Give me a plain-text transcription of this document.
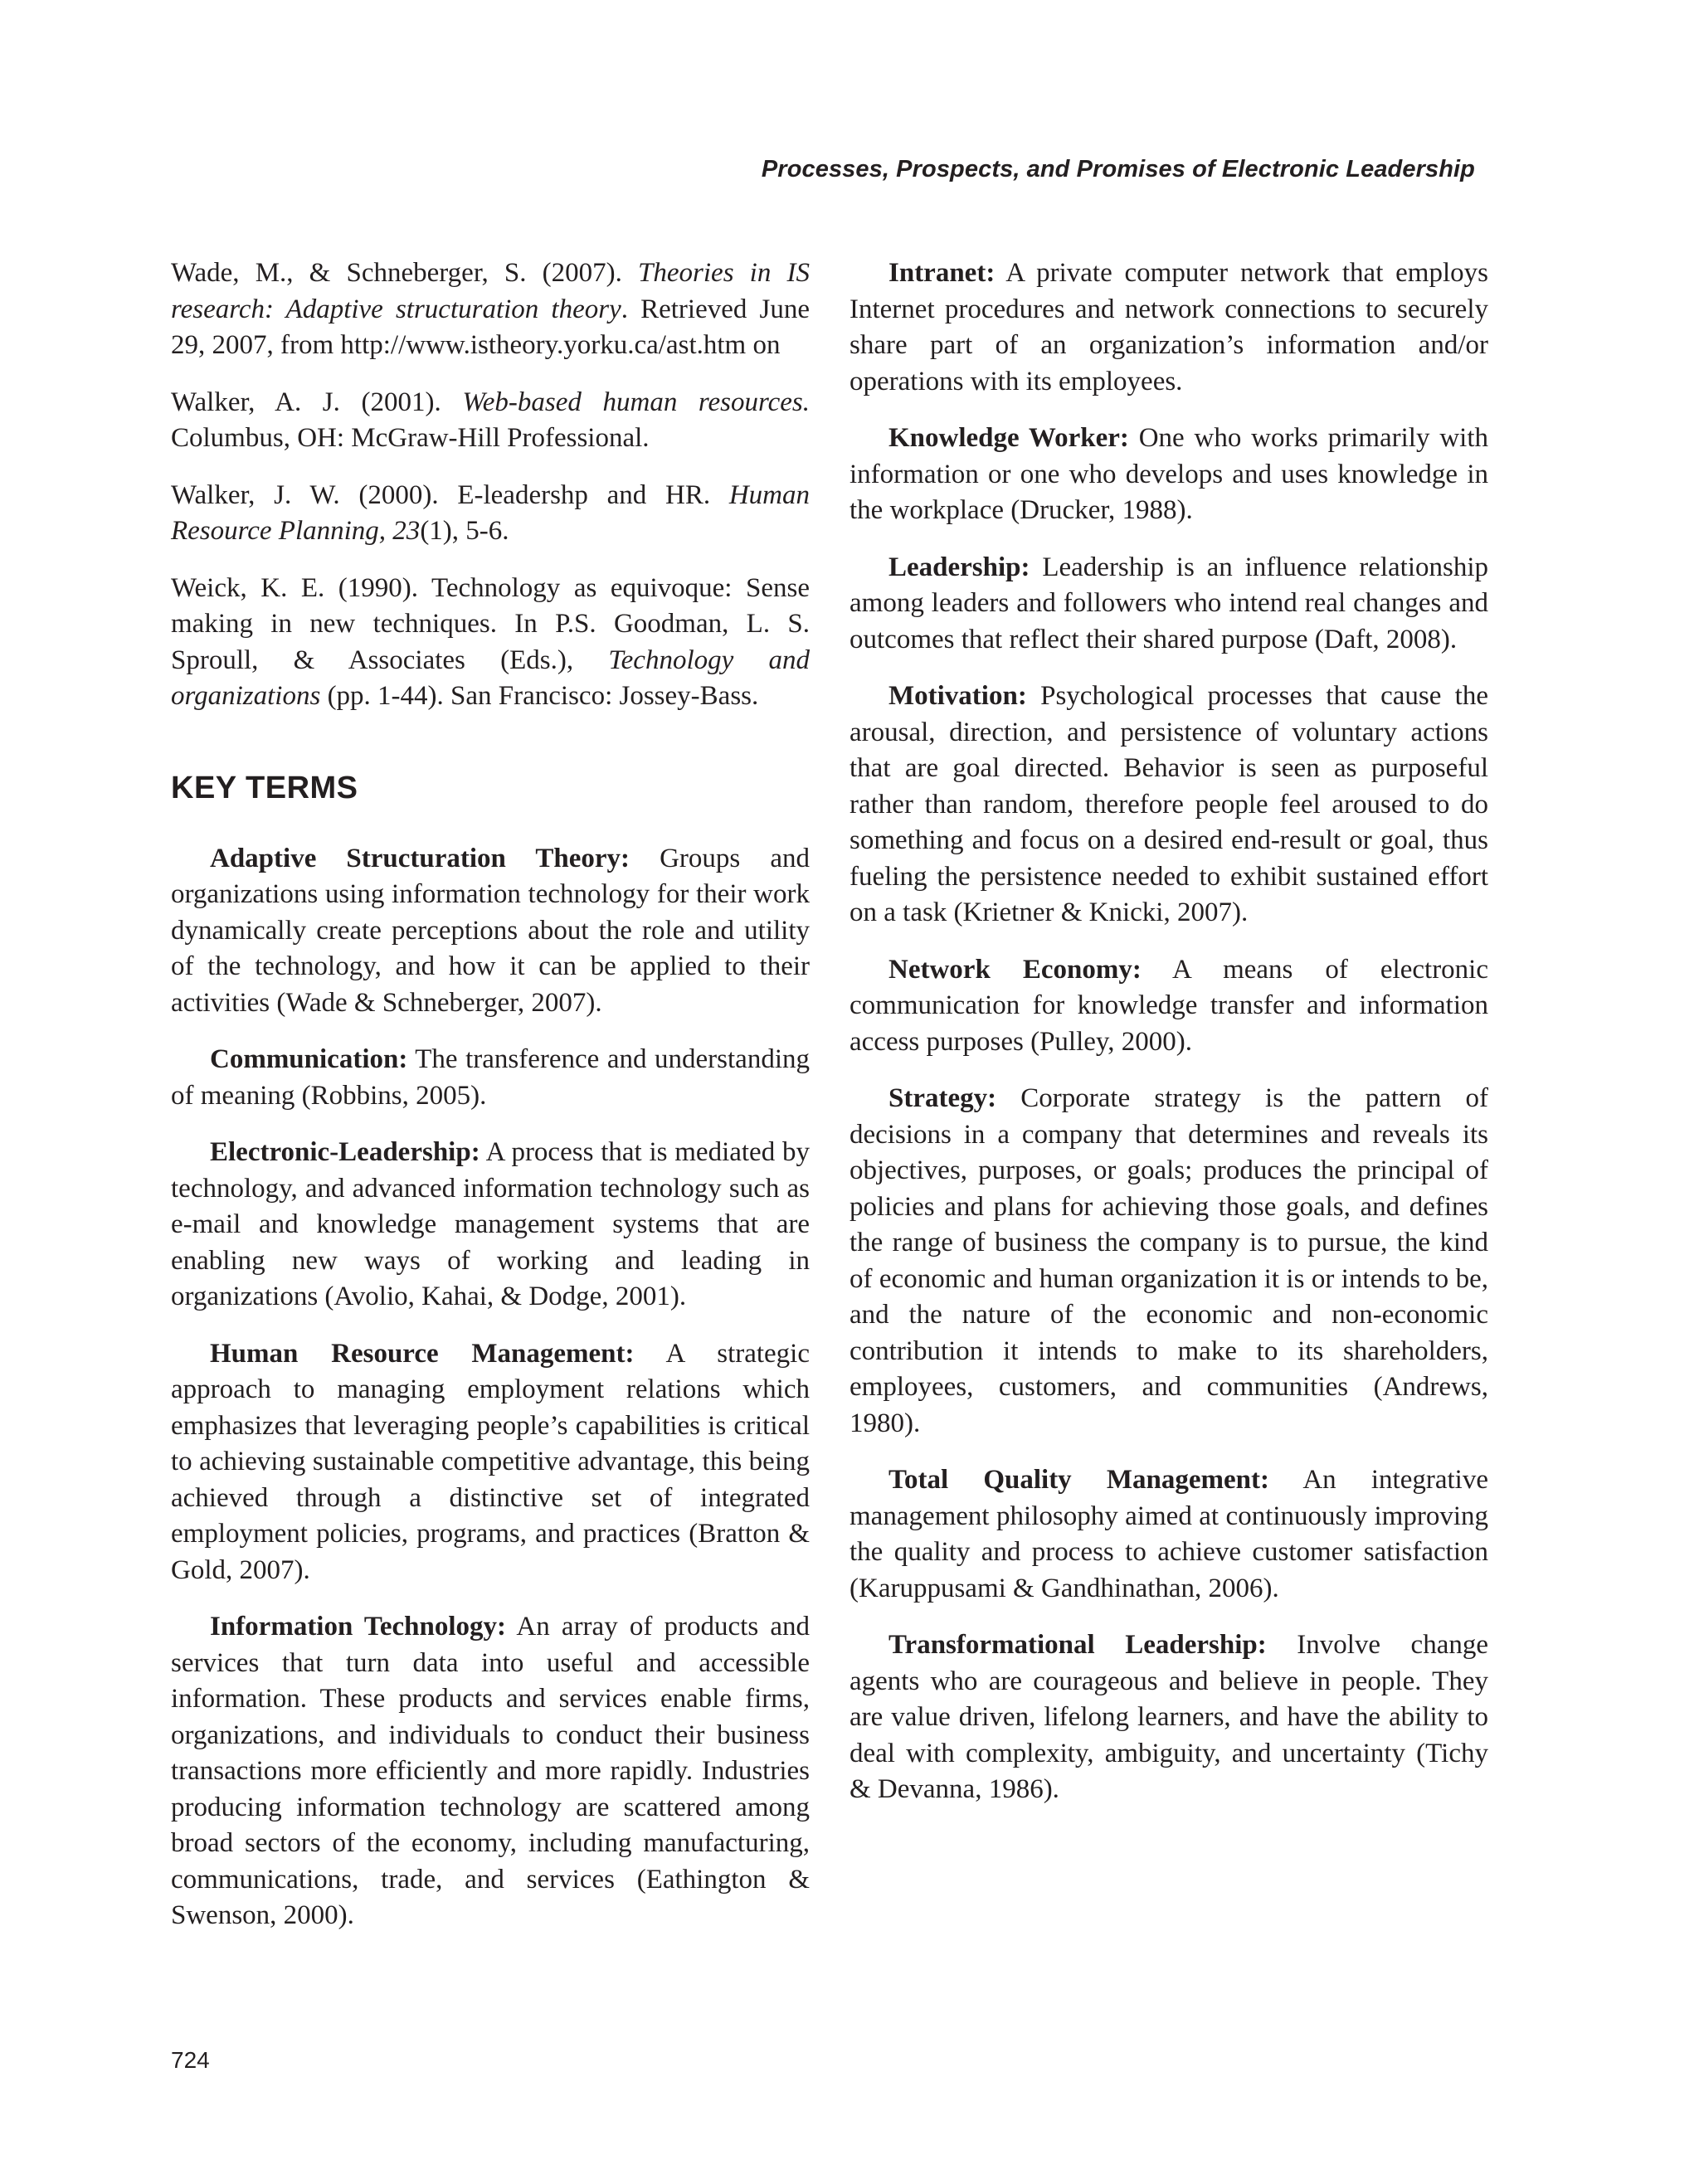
Processes, Prospects, and Promises of Electronic Leadership

Wade, M., & Schneberger, S. (2007). Theories in IS research: Adaptive structuration theory. Retrieved June 29, 2007, from http://www.istheory.yorku.ca/ast.htm on

Walker, A. J. (2001). Web-based human resources. Columbus, OH: McGraw-Hill Professional.

Walker, J. W. (2000). E-leadershp and HR. Human Resource Planning, 23(1), 5-6.

Weick, K. E. (1990). Technology as equivoque: Sense making in new techniques. In P.S. Goodman, L. S. Sproull, & Associates (Eds.), Technology and organizations (pp. 1-44). San Francisco: Jossey-Bass.

KEY TERMS

Adaptive Structuration Theory: Groups and organizations using information technology for their work dynamically create perceptions about the role and utility of the technology, and how it can be applied to their activities (Wade & Schneberger, 2007).

Communication: The transference and understanding of meaning (Robbins, 2005).

Electronic-Leadership: A process that is mediated by technology, and advanced information technology such as e-mail and knowledge management systems that are enabling new ways of working and leading in organizations (Avolio, Kahai, & Dodge, 2001).

Human Resource Management: A strategic approach to managing employment relations which emphasizes that leveraging people’s capabilities is critical to achieving sustainable competitive advantage, this being achieved through a distinctive set of integrated employment policies, programs, and practices (Bratton & Gold, 2007).

Information Technology: An array of products and services that turn data into useful and accessible information. These products and services enable firms, organizations, and individuals to conduct their business transactions more efficiently and more rapidly. Industries producing information technology are scattered among broad sectors of the economy, including manufacturing, communications, trade, and services (Eathington & Swenson, 2000).

Intranet: A private computer network that employs Internet procedures and network connections to securely share part of an organization’s information and/or operations with its employees.

Knowledge Worker: One who works primarily with information or one who develops and uses knowledge in the workplace (Drucker, 1988).

Leadership: Leadership is an influence relationship among leaders and followers who intend real changes and outcomes that reflect their shared purpose (Daft, 2008).

Motivation: Psychological processes that cause the arousal, direction, and persistence of voluntary actions that are goal directed. Behavior is seen as purposeful rather than random, therefore people feel aroused to do something and focus on a desired end-result or goal, thus fueling the persistence needed to exhibit sustained effort on a task (Krietner & Knicki, 2007).

Network Economy: A means of electronic communication for knowledge transfer and information access purposes (Pulley, 2000).

Strategy: Corporate strategy is the pattern of decisions in a company that determines and reveals its objectives, purposes, or goals; produces the principal of policies and plans for achieving those goals, and defines the range of business the company is to pursue, the kind of economic and human organization it is or intends to be, and the nature of the economic and non-economic contribution it intends to make to its shareholders, employees, customers, and communities (Andrews, 1980).

Total Quality Management: An integrative management philosophy aimed at continuously improving the quality and process to achieve customer satisfaction (Karuppusami & Gandhinathan, 2006).

Transformational Leadership: Involve change agents who are courageous and believe in people. They are value driven, lifelong learners, and have the ability to deal with complexity, ambiguity, and uncertainty (Tichy & Devanna, 1986).

724
